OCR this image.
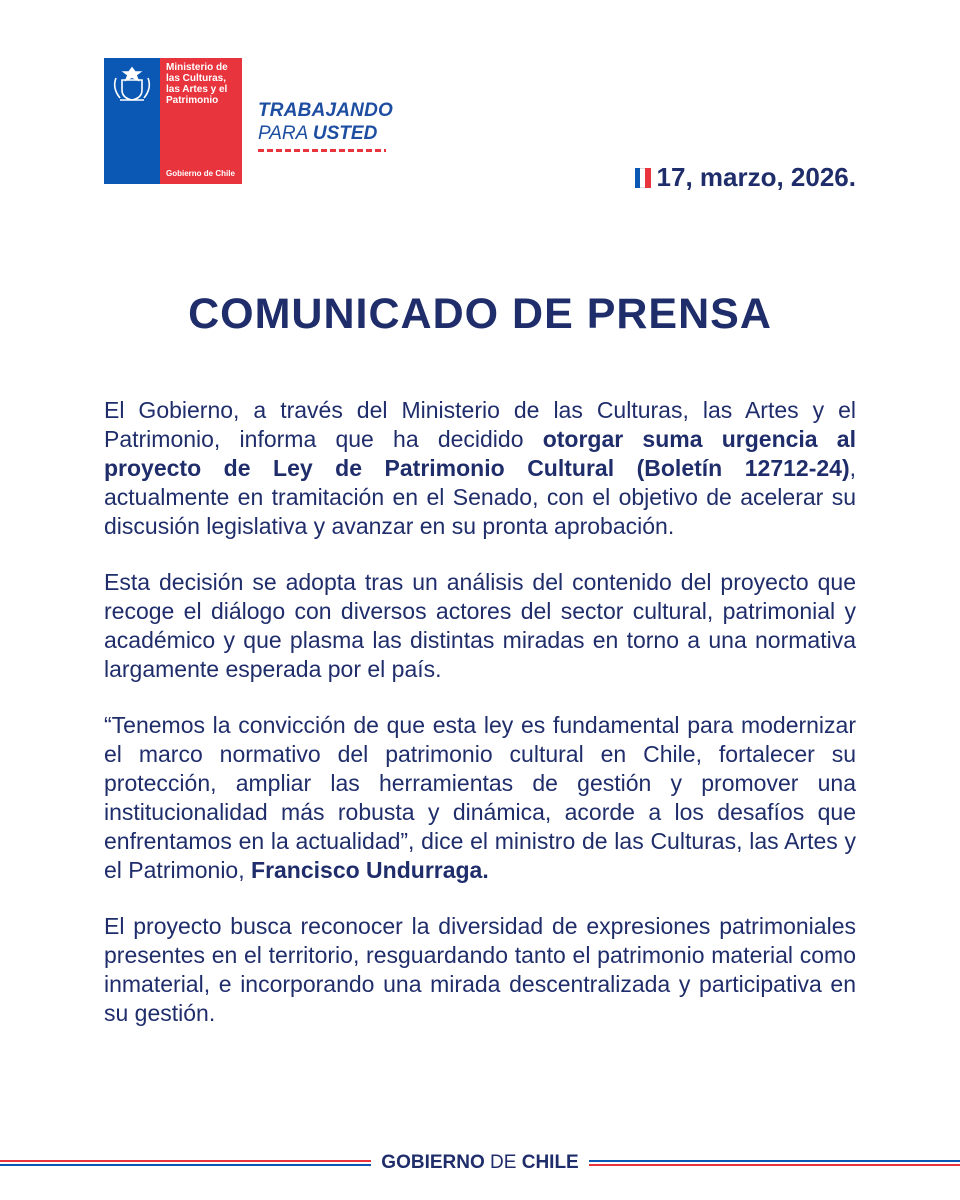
Ministerio de
las Culturas,
las Artes y el
Patrimonio

Gobierno de Chile
TRABAJANDO
PARA USTED
17, marzo, 2026.
COMUNICADO DE PRENSA

El Gobierno, a través del Ministerio de las Culturas, las Artes y el Patrimonio, informa que ha decidido otorgar suma urgencia al proyecto de Ley de Patrimonio Cultural (Boletín 12712-24), actualmente en tramitación en el Senado, con el objetivo de acelerar su discusión legislativa y avanzar en su pronta aprobación.

Esta decisión se adopta tras un análisis del contenido del proyecto que recoge el diálogo con diversos actores del sector cultural, patrimonial y académico y que plasma las distintas miradas en torno a una normativa largamente esperada por el país.

“Tenemos la convicción de que esta ley es fundamental para modernizar el marco normativo del patrimonio cultural en Chile, fortalecer su protección, ampliar las herramientas de gestión y promover una institucionalidad más robusta y dinámica, acorde a los desafíos que enfrentamos en la actualidad”, dice el ministro de las Culturas, las Artes y el Patrimonio, Francisco Undurraga.

El proyecto busca reconocer la diversidad de expresiones patrimoniales presentes en el territorio, resguardando tanto el patrimonio material como inmaterial, e incorporando una mirada descentralizada y participativa en su gestión.

GOBIERNO DE CHILE
